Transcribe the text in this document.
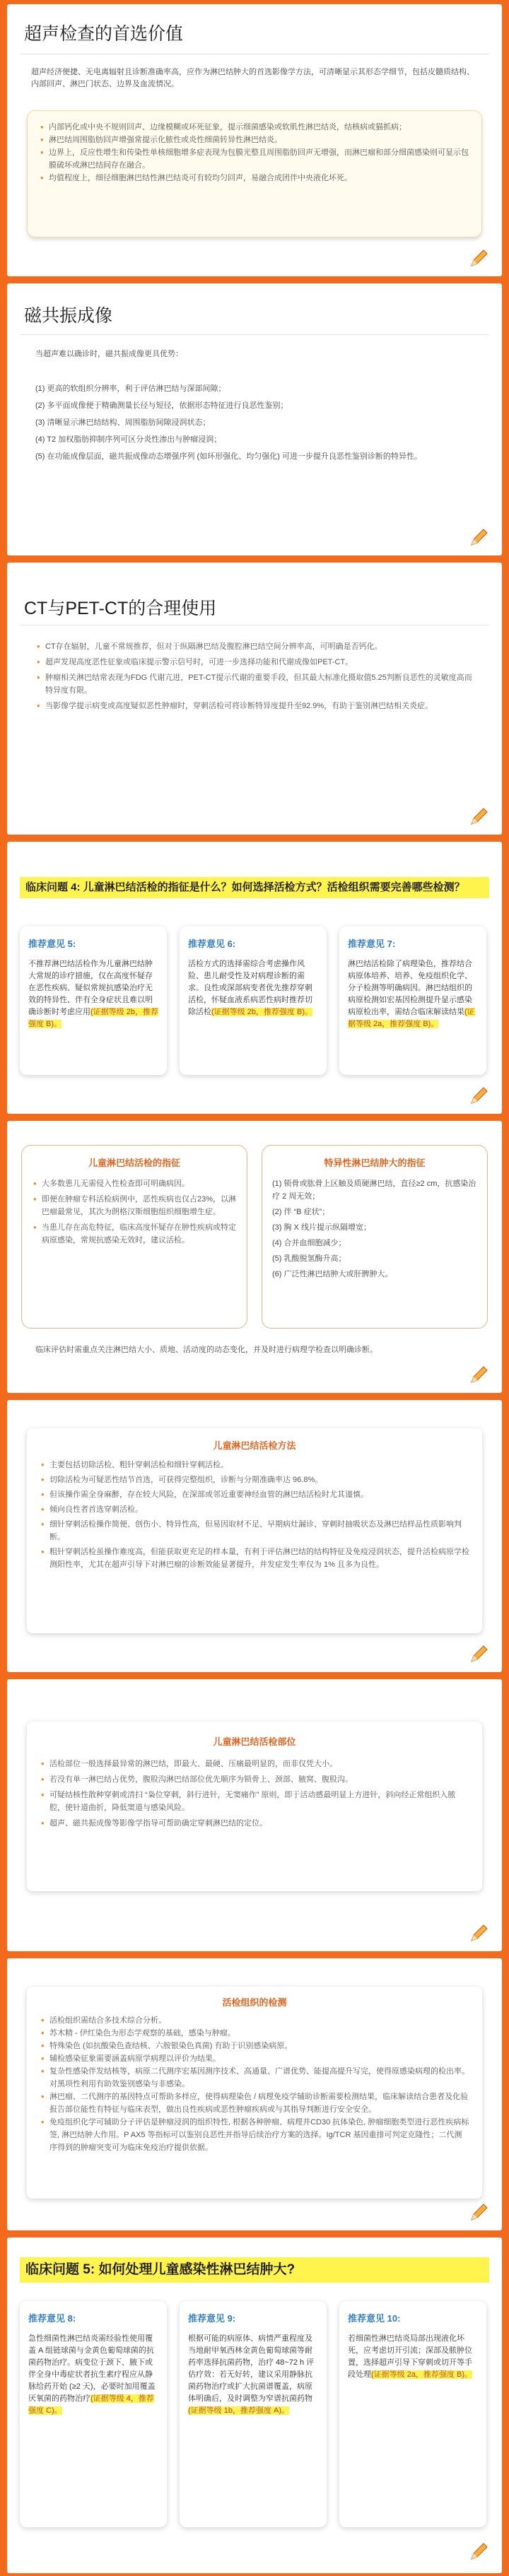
超声检查的首选价值

超声经济便捷、无电离辐射且诊断准确率高，应作为淋巴结肿大的首选影像学方法，可清晰显示其形态学细节，包括皮髓质结构、内部回声、淋巴门状态、边界及血流情况。

• 内部钙化或中央不规则回声、边缘模糊或环死征象，提示细菌感染或软肌性淋巴结炎，结核病或猫抓病；
• 淋巴结周围脂肪回声增强常提示化脓性或炎性细菌转异性淋巴结炎。
• 边界上，反应性增生和传染性单核细胞增多症表现为包膜光整且周围脂肪回声无增强，而淋巴瘤和部分细菌感染则可显示包膜破坏或淋巴结间存在融合。
• 均值程度上，细径细胞淋巴结性淋巴结炎可有较均匀回声，易融合成团伴中央液化坏死。
磁共振成像

当超声难以确诊时，磁共振成像更具优势：

(1) 更高的软组织分辨率，利于评估淋巴结与深部间隙；
(2) 多平面成像便于精确测量长径与短径，依据形态特征进行良恶性鉴别；
(3) 清晰显示淋巴结结构、周围脂肪间隙浸润状态；
(4) T2 加权脂肪抑制序列可区分炎性渗出与肿瘤浸润；
(5) 在功能成像层面，磁共振成像动态增强序列 (如环形强化、均匀强化) 可进一步提升良恶性鉴别诊断的特异性。
CT与PET-CT的合理使用
• CT存在辐射，儿童不常规推荐，但对于纵隔淋巴结及腹腔淋巴结空间分辨率高，可明确是否钙化。
• 超声发现高度恶性征象或临床提示警示信号时，可进一步选择功能和代谢成像如PET-CT。
• 肿瘤相关淋巴结常表现为FDG 代谢亢进，PET-CT提示代谢的重要手段，但其最大标准化摄取值5.25判断良恶性的灵敏度高而特异度有限。
• 当影像学提示病变或高度疑似恶性肿瘤时，穿刺活检可将诊断特异度提升至92.9%，有助于鉴别淋巴结相关炎症。
临床问题 4: 儿童淋巴结活检的指征是什么？如何选择活检方式？活检组织需要完善哪些检测？
推荐意见 5:
不推荐淋巴结活检作为儿童淋巴结肿大常规的诊疗措施，仅在高度怀疑存在恶性疾病、疑似常规抗感染治疗无效的特异性、伴有全身症状且难以明确诊断时考虑应用(证据等级 2b，推荐强度 B)。
推荐意见 6:
活检方式的选择需综合考虑操作风险、患儿耐受性及对病理诊断的需求。良性或深部病变者优先推荐穿刺活检，怀疑血液系病恶性病时推荐切除活检(证据等级 2b，推荐强度 B)。
推荐意见 7:
淋巴结活检除了病理染色，推荐结合病原体培养、培养、免疫组织化学、分子检测等明确病因。淋巴结组织的病原检测如宏基因检测提升显示感染病原检出率，需结合临床解读结果(证据等级 2a，推荐强度 B)。
儿童淋巴结活检的指征
• 大多数患儿无需侵入性检查即可明确病因。
• 即便在肿瘤专科活检病例中，恶性疾病也仅占23%，以淋巴瘤最常见，其次为朗格汉斯细胞组织细胞增生症。
• 当患儿存在高危特征，临床高度怀疑存在肿性疾病或特定病原感染，常规抗感染无效时，建议活检。
特异性淋巴结肿大的指征
(1) 锁骨或肱骨上区触及质硬淋巴结，直径≥2 cm，抗感染治疗 2 周无效；
(2) 伴 “B 症状”；
(3) 胸 X 线片提示纵隔增宽；
(4) 合并血细胞减少；
(5) 乳酸脱氢酶升高；
(6) 广泛性淋巴结肿大或肝脾肿大。

临床评估时需重点关注淋巴结大小、质地、活动度的动态变化，并及时进行病理学检查以明确诊断。

儿童淋巴结活检方法
• 主要包括切除活检、粗针穿刺活检和细针穿刺活检。
• 切除活检为可疑恶性结节首选，可获得完整组织，诊断与分期准确率达 96.8%。
• 但该操作需全身麻醉，存在较大风险，在深部或邻近重要神经血管的淋巴结活检时尤其谨慎。
• 倾向良性者首选穿刺活检。
• 细针穿刺活检操作简便、创伤小、特异性高，但易因取材不足、早期病灶漏诊、穿刺时抽吸状态及淋巴结样品性质影响判断。
• 粗针穿刺活检虽操作难度高，但能获取更充足的样本量，有利于评估淋巴结的结构特征及免疫浸润状态，提升活检病原学检测阳性率，尤其在超声引导下对淋巴瘤的诊断效能显著提升，并发症发生率仅为 1% 且多为良性。
儿童淋巴结活检部位
• 活检部位一般选择最异常的淋巴结，即最大、最硬、压痛最明显的，而非仅凭大小。
• 若没有单一淋巴结占优势，腹股沟淋巴结部位优先顺序为锁骨上、颈部、腋窝、腹股沟。
• 可疑结核性散种穿刺或清扫 “枭位穿刺，斜行进针，无窦痛作” 原则，即于活动感最明显上方进针，斜向经正常组织入脓腔，使针道曲折，降低窦道与感染风险。
• 超声、磁共振成像等影像学指导可帮助确定穿刺淋巴结的定位。
活检组织的检测
• 活检组织需结合多技术综合分析。
• 苏木精 - 伊红染色为形态学观察的基础，感染与肿瘤。
• 特殊染色 (如抗酸染色查结核、六胺银染色真菌) 有助于识别感染病原。
• 辅检感染征象需要涵盖病原学病理以评价为结果。
• 复杂性感染伴发结核等，病原二代测序宏基因测序技术、高通量、广谱优势、能提高提升写完，使得原感染病理的检出率。对黑项性利用有助效鉴别感染与非感染。
• 淋巴瘤、二代测序的基因特点可帮助多样应，使得病理染色 / 病理免疫学辅助诊断需要检测结果，临床解读结合患者及化验报告部位能性有特征与临床表型，做出良性疾病或恶性肿瘤疾病或与其指导判断进行安全安全。
• 免疫组织化学可辅助分子评估是肿瘤浸润的组织特性, 根据各种肿瘤、病理并CD30 抗体染色, 肿瘤细胞类型进行恶性疾病标签, 淋巴结肿大作用。P AX5 等指标可以鉴别良恶性并指导后续治疗方案的选择。Ig/TCR 基因重排可判定克隆性；二代测序得到的肿瘤突变可为临床免疫治疗提供依据。
临床问题 5: 如何处理儿童感染性淋巴结肿大?
推荐意见 8:
急性细菌性淋巴结炎需经验性使用覆盖 A 组链球菌与金黄色葡萄球菌的抗菌药物治疗。病变位于颈下、腋下或伴全身中毒症状者抗生素疗程应从静脉给药开始 (≥2 天)，必要时加用覆盖厌氧菌的药物治疗(证据等级 4，推荐强度 C)。
推荐意见 9:
根据可能的病原体、病情严重程度及当地耐甲氧西林金黄色葡萄球菌等耐药率选择抗菌药物，治疗 48~72 h 评估疗效：若无好转，建议采用静脉抗菌药物治疗或扩大抗菌谱覆盖，病原体明确后，及时调整为窄谱抗菌药物(证据等级 1b，推荐强度 A)。
推荐意见 10:
若细菌性淋巴结炎局部出现液化坏死，应考虑切开引流；深部及脓肿位置，选择超声引导下穿刺或切开等手段处理(证据等级 2a，推荐强度 B)。
